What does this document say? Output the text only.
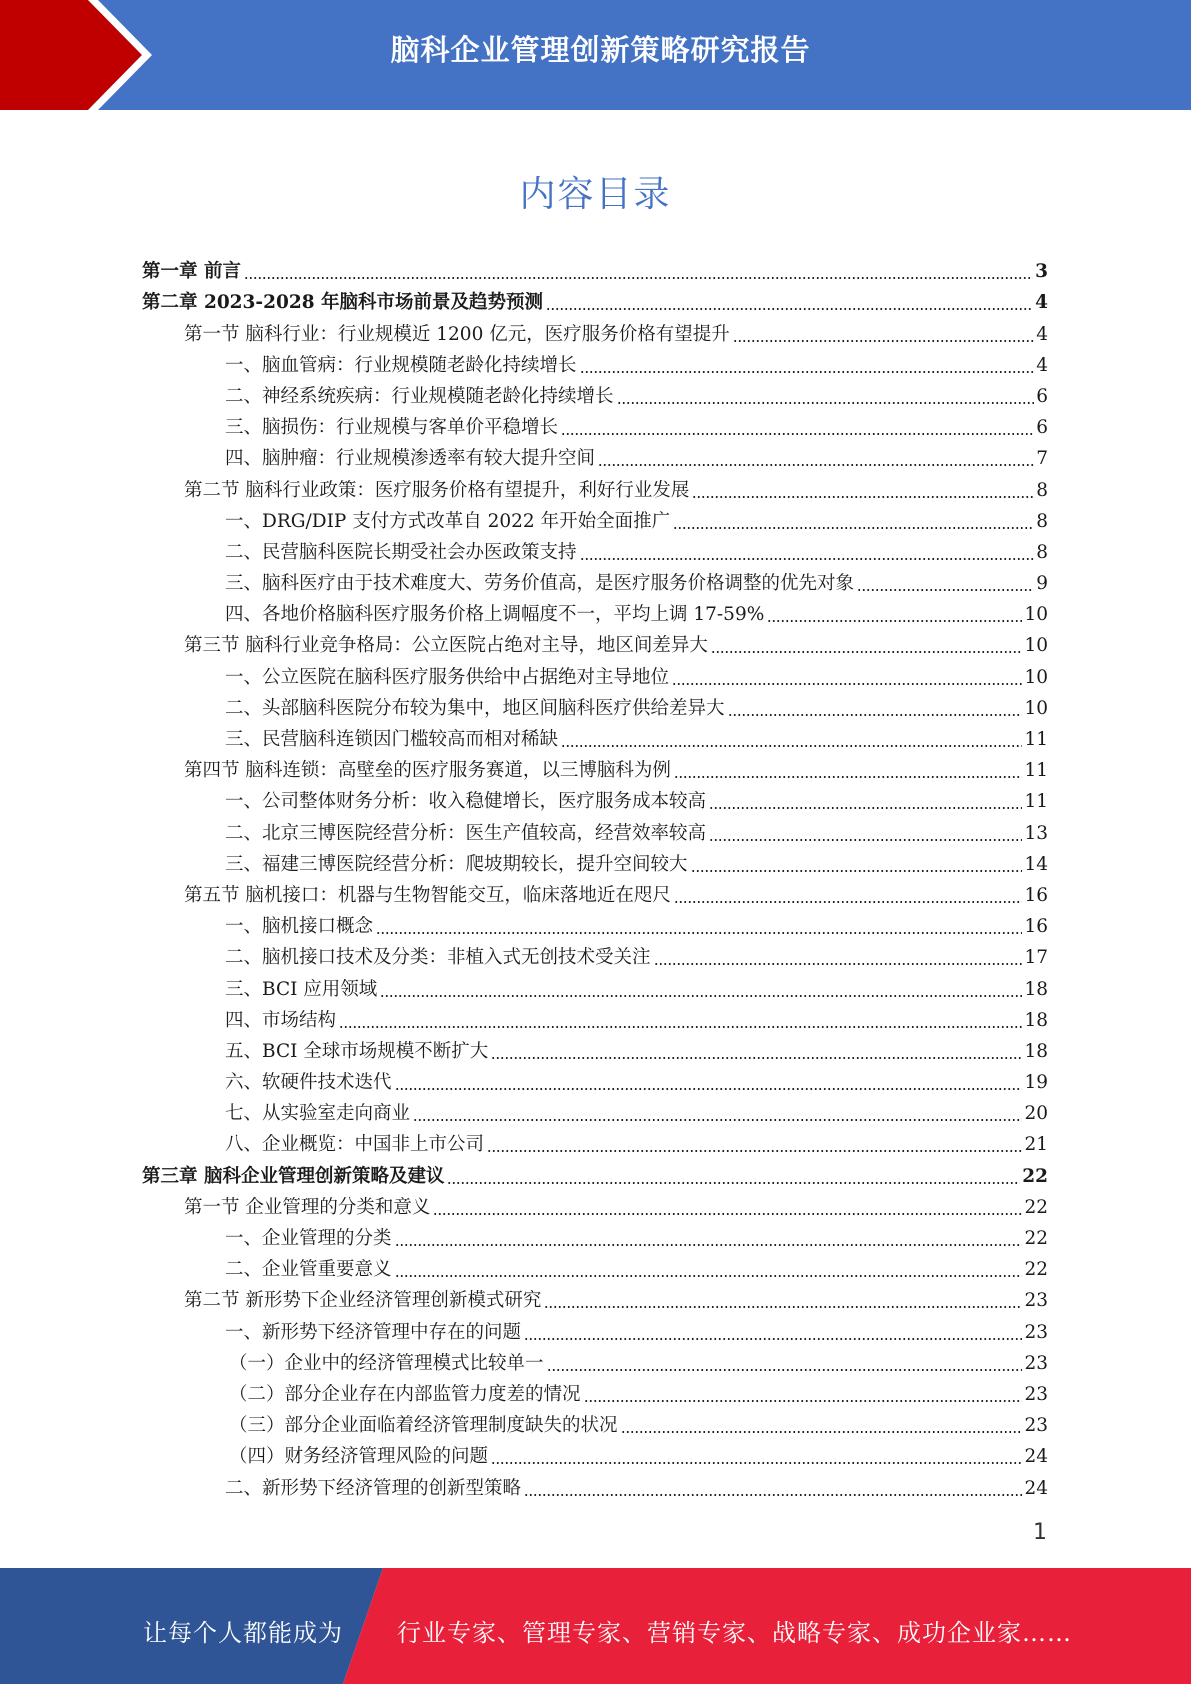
脑科企业管理创新策略研究报告
内容目录
第一章 前言	3
第二章 2023-2028 年脑科市场前景及趋势预测	4
第一节 脑科行业：行业规模近 1200 亿元，医疗服务价格有望提升	4
一、脑血管病：行业规模随老龄化持续增长	4
二、神经系统疾病：行业规模随老龄化持续增长	6
三、脑损伤：行业规模与客单价平稳增长	6
四、脑肿瘤：行业规模渗透率有较大提升空间	7
第二节 脑科行业政策：医疗服务价格有望提升，利好行业发展	8
一、DRG/DIP 支付方式改革自 2022 年开始全面推广	8
二、民营脑科医院长期受社会办医政策支持	8
三、脑科医疗由于技术难度大、劳务价值高，是医疗服务价格调整的优先对象	9
四、各地价格脑科医疗服务价格上调幅度不一，平均上调 17-59%	10
第三节 脑科行业竞争格局：公立医院占绝对主导，地区间差异大	10
一、公立医院在脑科医疗服务供给中占据绝对主导地位	10
二、头部脑科医院分布较为集中，地区间脑科医疗供给差异大	10
三、民营脑科连锁因门槛较高而相对稀缺	11
第四节 脑科连锁：高壁垒的医疗服务赛道，以三博脑科为例	11
一、公司整体财务分析：收入稳健增长，医疗服务成本较高	11
二、北京三博医院经营分析：医生产值较高，经营效率较高	13
三、福建三博医院经营分析：爬坡期较长，提升空间较大	14
第五节 脑机接口：机器与生物智能交互，临床落地近在咫尺	16
一、脑机接口概念	16
二、脑机接口技术及分类：非植入式无创技术受关注	17
三、BCI 应用领域	18
四、市场结构	18
五、BCI 全球市场规模不断扩大	18
六、软硬件技术迭代	19
七、从实验室走向商业	20
八、企业概览：中国非上市公司	21
第三章 脑科企业管理创新策略及建议	22
第一节 企业管理的分类和意义	22
一、企业管理的分类	22
二、企业管重要意义	22
第二节 新形势下企业经济管理创新模式研究	23
一、新形势下经济管理中存在的问题	23
（一）企业中的经济管理模式比较单一	23
（二）部分企业存在内部监管力度差的情况	23
（三）部分企业面临着经济管理制度缺失的状况	23
（四）财务经济管理风险的问题	24
二、新形势下经济管理的创新型策略	24
1
让每个人都能成为 行业专家、管理专家、营销专家、战略专家、成功企业家……
